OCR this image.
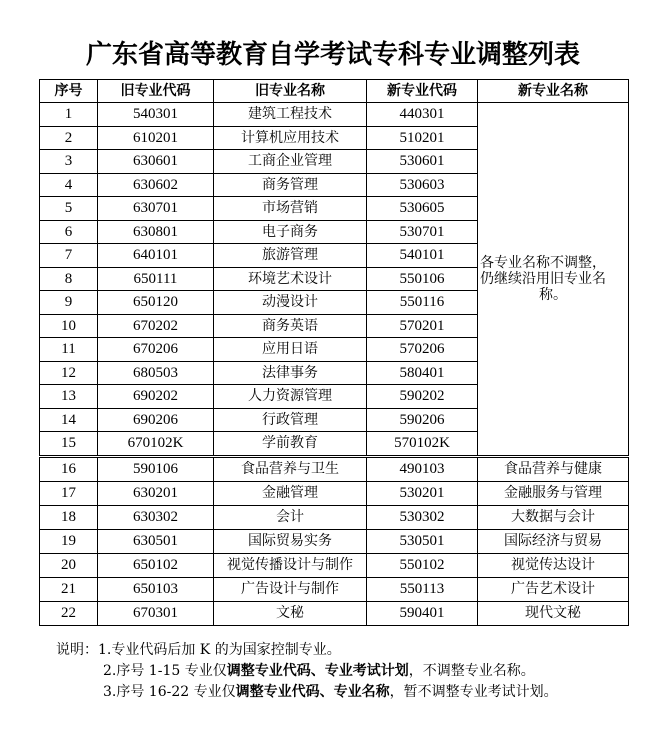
广东省高等教育自学考试专科专业调整列表
序号	旧专业代码	旧专业名称	新专业代码	新专业名称
1	540301	建筑工程技术	440301	各专业名称不调整，
仍继续沿用旧专业名
称。

2	610201	计算机应用技术	510201	
3	630601	工商企业管理	530601	
4	630602	商务管理	530603	
5	630701	市场营销	530605	
6	630801	电子商务	530701	
7	640101	旅游管理	540101	
8	650111	环境艺术设计	550106	
9	650120	动漫设计	550116	
10	670202	商务英语	570201	
11	670206	应用日语	570206	
12	680503	法律事务	580401	
13	690202	人力资源管理	590202	
14	690206	行政管理	590206	
15	670102K	学前教育	570102K	
16	590106	食品营养与卫生	490103	食品营养与健康
17	630201	金融管理	530201	金融服务与管理
18	630302	会计	530302	大数据与会计
19	630501	国际贸易实务	530501	国际经济与贸易
20	650102	视觉传播设计与制作	550102	视觉传达设计
21	650103	广告设计与制作	550113	广告艺术设计
22	670301	文秘	590401	现代文秘
说明：1.专业代码后加 K 的为国家控制专业。
2.序号 1-15 专业仅调整专业代码、专业考试计划，不调整专业名称。
3.序号 16-22 专业仅调整专业代码、专业名称，暂不调整专业考试计划。
